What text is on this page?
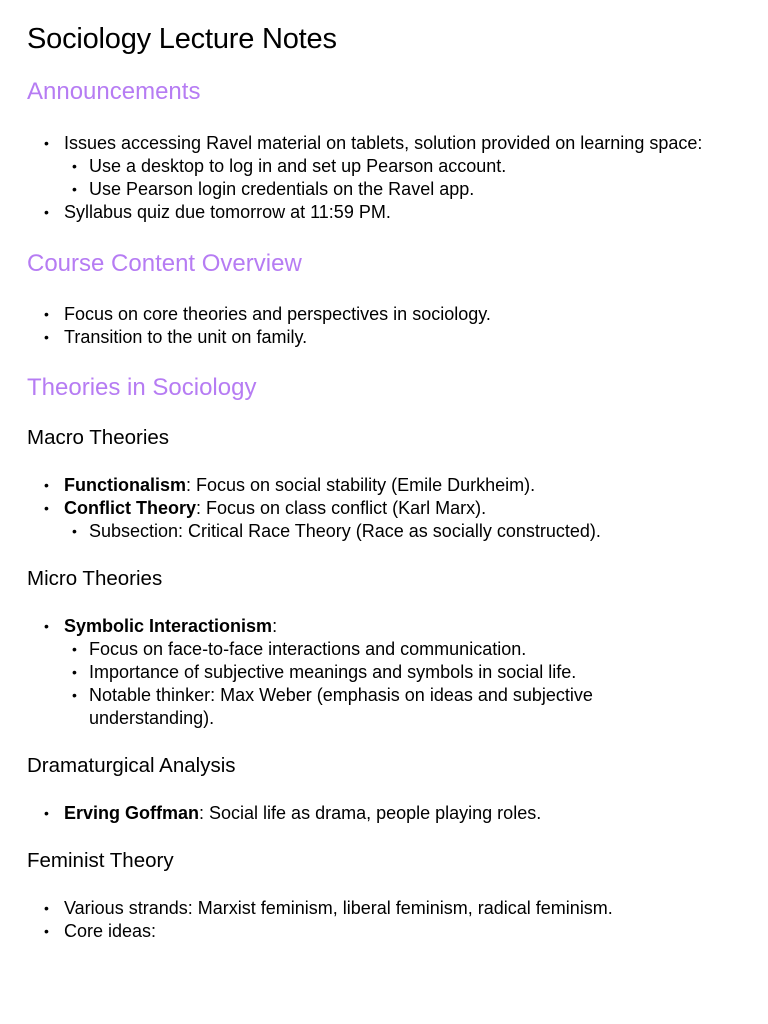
Sociology Lecture Notes
Announcements
• Issues accessing Ravel material on tablets, solution provided on learning space:
• Use a desktop to log in and set up Pearson account.
• Use Pearson login credentials on the Ravel app.
• Syllabus quiz due tomorrow at 11:59 PM.
Course Content Overview
• Focus on core theories and perspectives in sociology.
• Transition to the unit on family.
Theories in Sociology
Macro Theories
• Functionalism: Focus on social stability (Emile Durkheim).
• Conflict Theory: Focus on class conflict (Karl Marx).
• Subsection: Critical Race Theory (Race as socially constructed).
Micro Theories
• Symbolic Interactionism:
• Focus on face-to-face interactions and communication.
• Importance of subjective meanings and symbols in social life.
• Notable thinker: Max Weber (emphasis on ideas and subjective understanding).
Dramaturgical Analysis
• Erving Goffman: Social life as drama, people playing roles.
Feminist Theory
• Various strands: Marxist feminism, liberal feminism, radical feminism.
• Core ideas:
